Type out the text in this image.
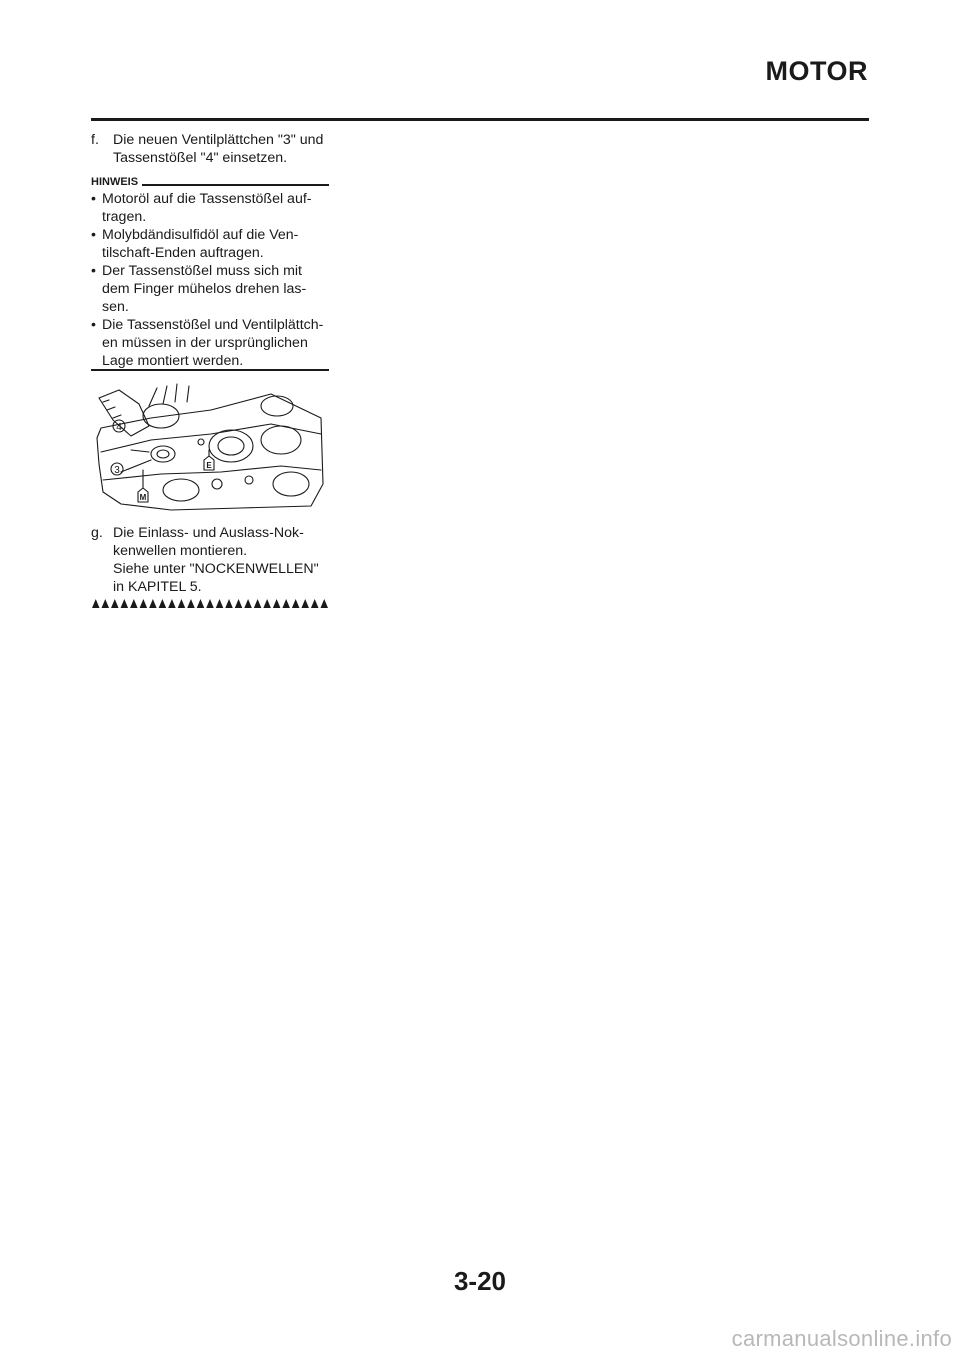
MOTOR
f. Die neuen Ventilplättchen "3" und
Tassenstößel "4" einsetzen.
HINWEIS
• Motoröl auf die Tassenstößel auf-
tragen.
• Molybdändisulfidöl auf die Ven-
tilschaft-Enden auftragen.
• Der Tassenstößel muss sich mit
dem Finger mühelos drehen las-
sen.
• Die Tassenstößel und Ventilplättch-
en müssen in der ursprünglichen
Lage montiert werden.
4
3	E
M
g. Die Einlass- und Auslass-Nok-
kenwellen montieren.
Siehe unter "NOCKENWELLEN"
in KAPITEL 5.
3-20
carmanualsonline.info
